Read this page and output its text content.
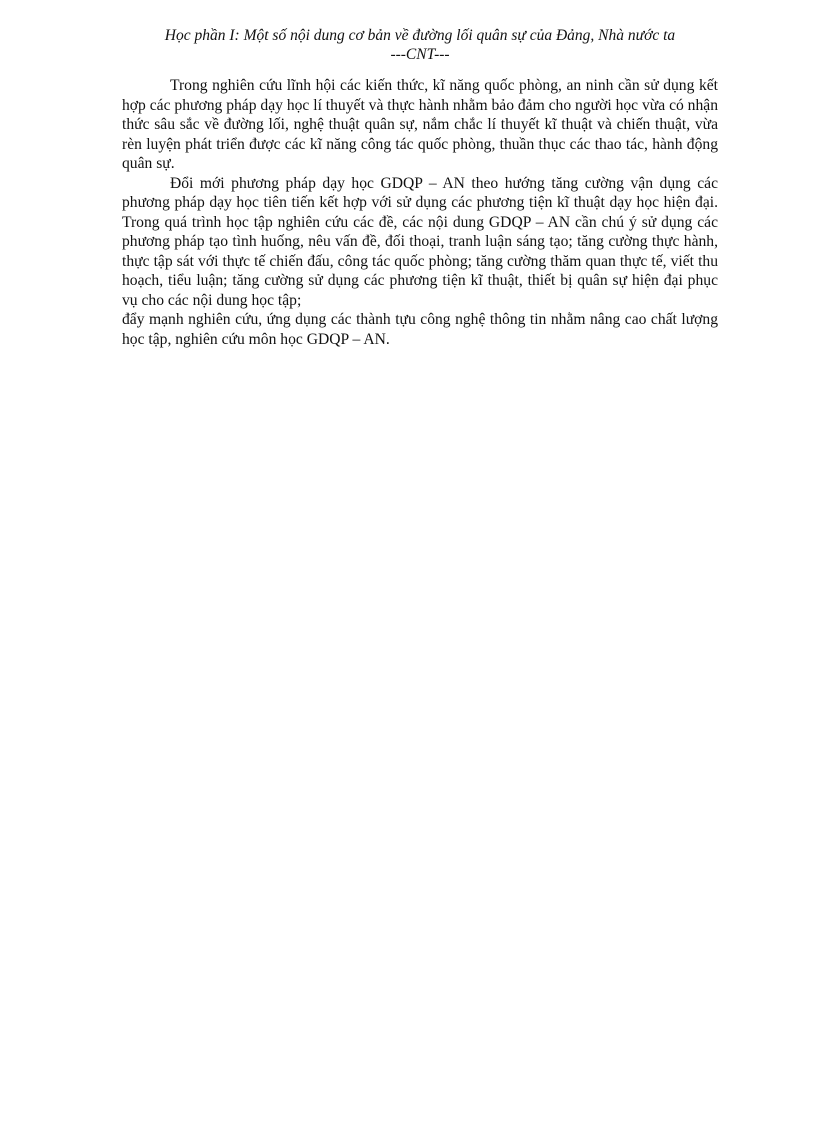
Học phần I: Một số nội dung cơ bản về đường lối quân sự của Đảng, Nhà nước ta
---CNT---

Trong nghiên cứu lĩnh hội các kiến thức, kĩ năng quốc phòng, an ninh cần sử dụng kết hợp các phương pháp dạy học lí thuyết và thực hành nhằm bảo đảm cho người học vừa có nhận thức sâu sắc về đường lối, nghệ thuật quân sự, nắm chắc lí thuyết kĩ thuật và chiến thuật, vừa rèn luyện phát triển được các kĩ năng công tác quốc phòng, thuần thục các thao tác, hành động quân sự.

Đổi mới phương pháp dạy học GDQP – AN theo hướng tăng cường vận dụng các phương pháp dạy học tiên tiến kết hợp với sử dụng các phương tiện kĩ thuật dạy học hiện đại. Trong quá trình học tập nghiên cứu các đề, các nội dung GDQP – AN cần chú ý sử dụng các phương pháp tạo tình huống, nêu vấn đề, đối thoại, tranh luận sáng tạo; tăng cường thực hành, thực tập sát với thực tế chiến đấu, công tác quốc phòng; tăng cường thăm quan thực tế, viết thu hoạch, tiểu luận; tăng cường sử dụng các phương tiện kĩ thuật, thiết bị quân sự hiện đại phục vụ cho các nội dung học tập;

đẩy mạnh nghiên cứu, ứng dụng các thành tựu công nghệ thông tin nhằm nâng cao chất lượng học tập, nghiên cứu môn học GDQP – AN.
